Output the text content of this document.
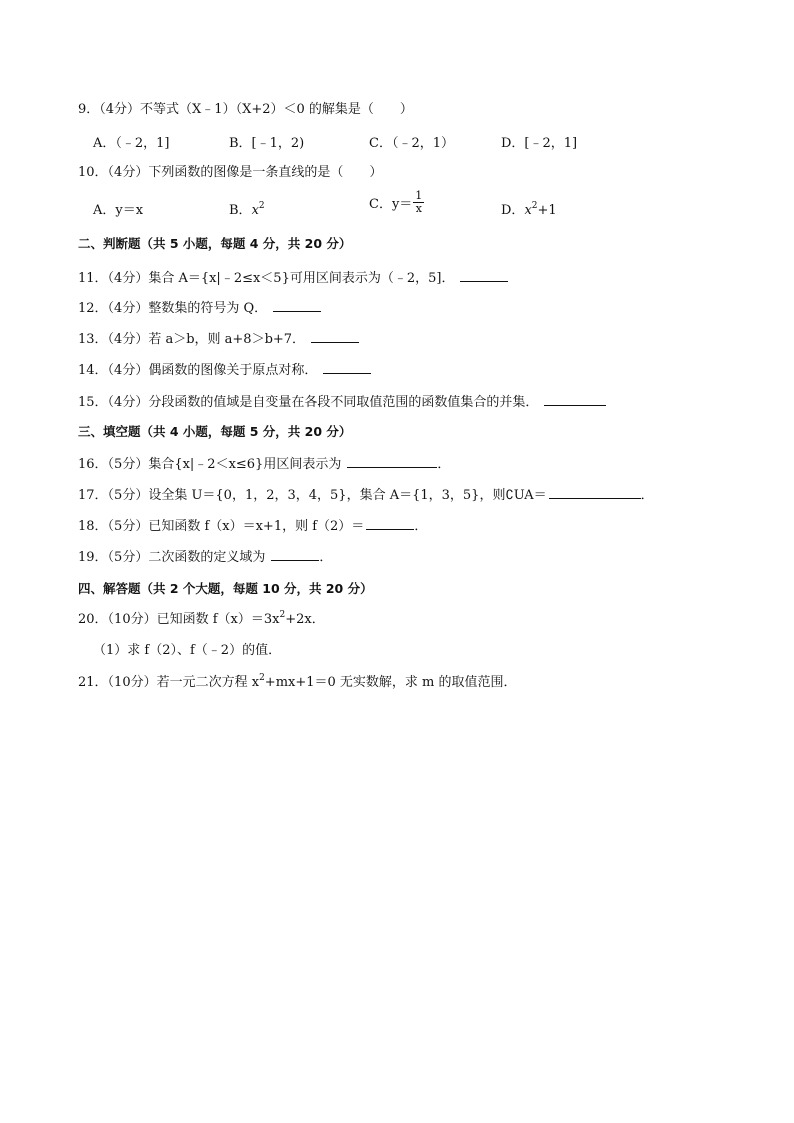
9．（4分）不等式（X﹣1）（X+2）＜0 的解集是（　　）
A．（﹣2，1]	B．[﹣1，2)	C．（﹣2，1）	D．[﹣2，1]
10．（4分）下列函数的图像是一条直线的是（　　）
A．y＝x	B．$x^2$	C．$y= \frac{1}{x}$	D．$x^2+1$
二、判断题（共 5 小题，每题 4 分，共 20 分）
11．（4分）集合 A＝{x|﹣2≤x＜5}可用区间表示为（﹣2，5]．
12．（4分）整数集的符号为 Q．
13．（4分）若 a＞b，则 a+8＞b+7．
14．（4分）偶函数的图像关于原点对称．
15．（4分）分段函数的值域是自变量在各段不同取值范围的函数值集合的并集．
三、填空题（共 4 小题，每题 5 分，共 20 分）
16．（5分）集合{x|﹣2＜x≤6}用区间表示为	．
17．（5分）设全集 U＝{0，1，2，3，4，5}，集合 A＝{1，3，5}，则∁UA＝	．
18．（5分）已知函数 f（x）＝x+1，则 f（2）＝	．
19．（5分）二次函数的定义域为	．
四、解答题（共 2 个大题，每题 10 分，共 20 分）
20．（10分）已知函数 $f(x)=3x^2+2x$．
（1）求 f（2）、f（﹣2）的值．
21．（10分）若一元二次方程 $x^2+mx+1=0$ 无实数解，求 m 的取值范围．
